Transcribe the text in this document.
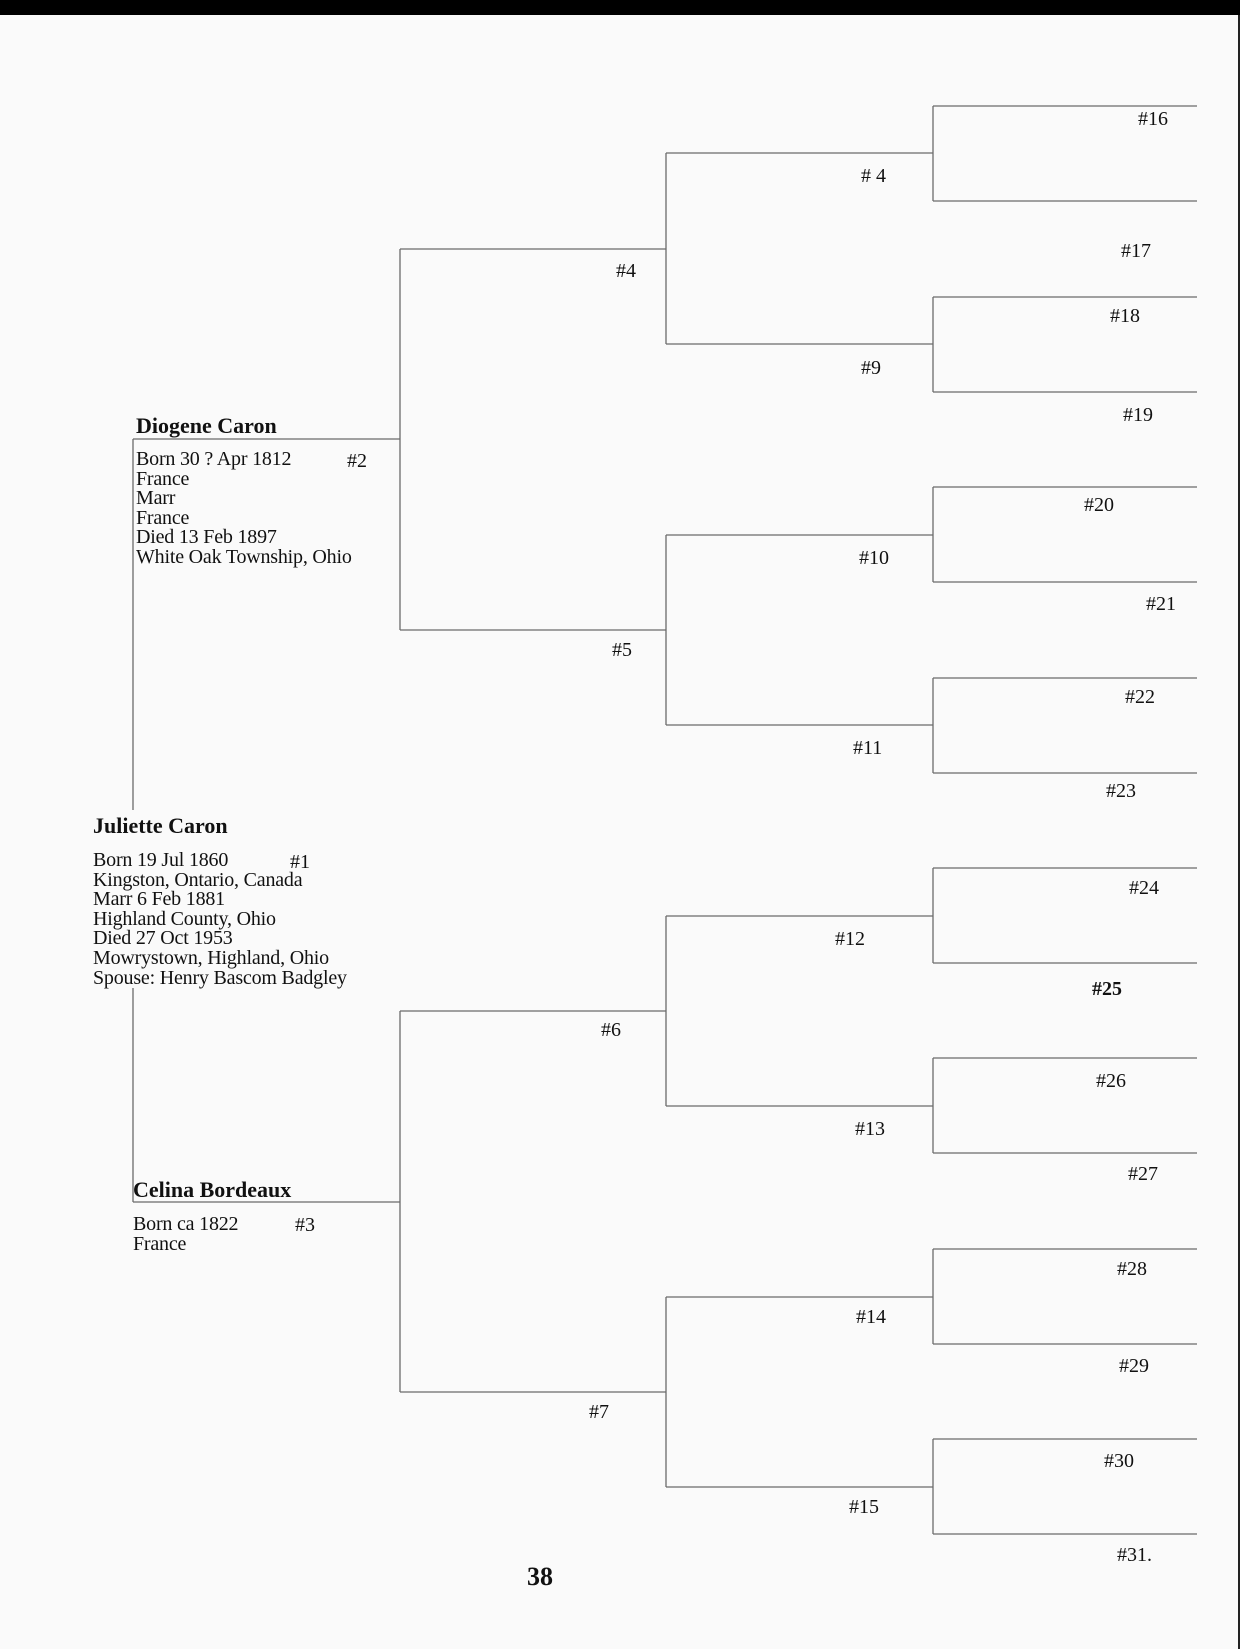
Diogene Caron
Born 30 ? Apr 1812
France
Marr
France
Died 13 Feb 1897
White Oak Township, Ohio
#2
Juliette Caron
Born 19 Jul 1860
Kingston, Ontario, Canada
Marr 6 Feb 1881
Highland County, Ohio
Died 27 Oct 1953
Mowrystown, Highland, Ohio
Spouse: Henry Bascom Badgley
#1
Celina Bordeaux
Born ca 1822
France
#3
#4
#5
#6
#7
# 4
#9
#10
#11
#12
#13
#14
#15
#16
#17
#18
#19
#20
#21
#22
#23
#24
#25
#26
#27
#28
#29
#30
#31.
38
